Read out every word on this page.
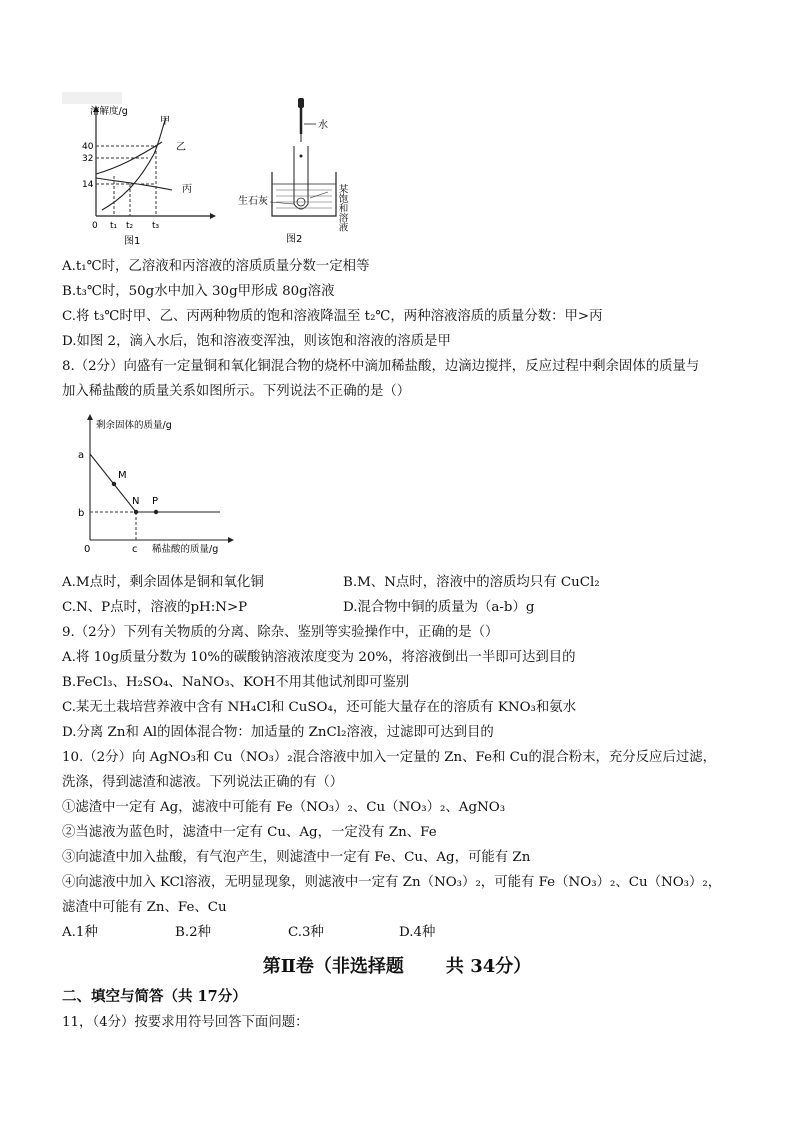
溶解度/g
40
32
14
0 t₁ t₂ t₃
甲
乙
丙
图1
水
某饱和溶液
生石灰
图2
A.t₁℃时，乙溶液和丙溶液的溶质质量分数一定相等
B.t₃℃时，50g水中加入 30g甲形成 80g溶液
C.将 t₃℃时甲、乙、丙两种物质的饱和溶液降温至 t₂℃，两种溶液溶质的质量分数：甲>丙
D.如图 2，滴入水后，饱和溶液变浑浊，则该饱和溶液的溶质是甲
8.（2分）向盛有一定量铜和氧化铜混合物的烧杯中滴加稀盐酸，边滴边搅拌，反应过程中剩余固体的质量与
加入稀盐酸的质量关系如图所示。下列说法不正确的是（）
剩余固体的质量/g
稀盐酸的质量/g
a
b
0	c
M
N P
A.M点时，剩余固体是铜和氧化铜	B.M、N点时，溶液中的溶质均只有 CuCl₂
C.N、P点时，溶液的pH:N>P	D.混合物中铜的质量为（a-b）g
9.（2分）下列有关物质的分离、除杂、鉴别等实验操作中，正确的是（）
A.将 10g质量分数为 10%的碳酸钠溶液浓度变为 20%，将溶液倒出一半即可达到目的
B.FeCl₃、H₂SO₄、NaNO₃、KOH不用其他试剂即可鉴别
C.某无土栽培营养液中含有 NH₄Cl和 CuSO₄，还可能大量存在的溶质有 KNO₃和氨水
D.分离 Zn和 Al的固体混合物：加适量的 ZnCl₂溶液，过滤即可达到目的
10.（2分）向 AgNO₃和 Cu（NO₃）₂混合溶液中加入一定量的 Zn、Fe和 Cu的混合粉末，充分反应后过滤，
洗涤，得到滤渣和滤液。下列说法正确的有（）
①滤渣中一定有 Ag，滤液中可能有 Fe（NO₃）₂、Cu（NO₃）₂、AgNO₃
②当滤液为蓝色时，滤渣中一定有 Cu、Ag，一定没有 Zn、Fe
③向滤渣中加入盐酸，有气泡产生，则滤渣中一定有 Fe、Cu、Ag，可能有 Zn
④向滤液中加入 KCl溶液，无明显现象，则滤液中一定有 Zn（NO₃）₂，可能有 Fe（NO₃）₂、Cu（NO₃）₂，
滤渣中可能有 Zn、Fe、Cu
A.1种	B.2种	C.3种	D.4种
第Ⅱ卷（非选择题 共 34分）
二、填空与简答（共 17分）
11，（4分）按要求用符号回答下面问题：
